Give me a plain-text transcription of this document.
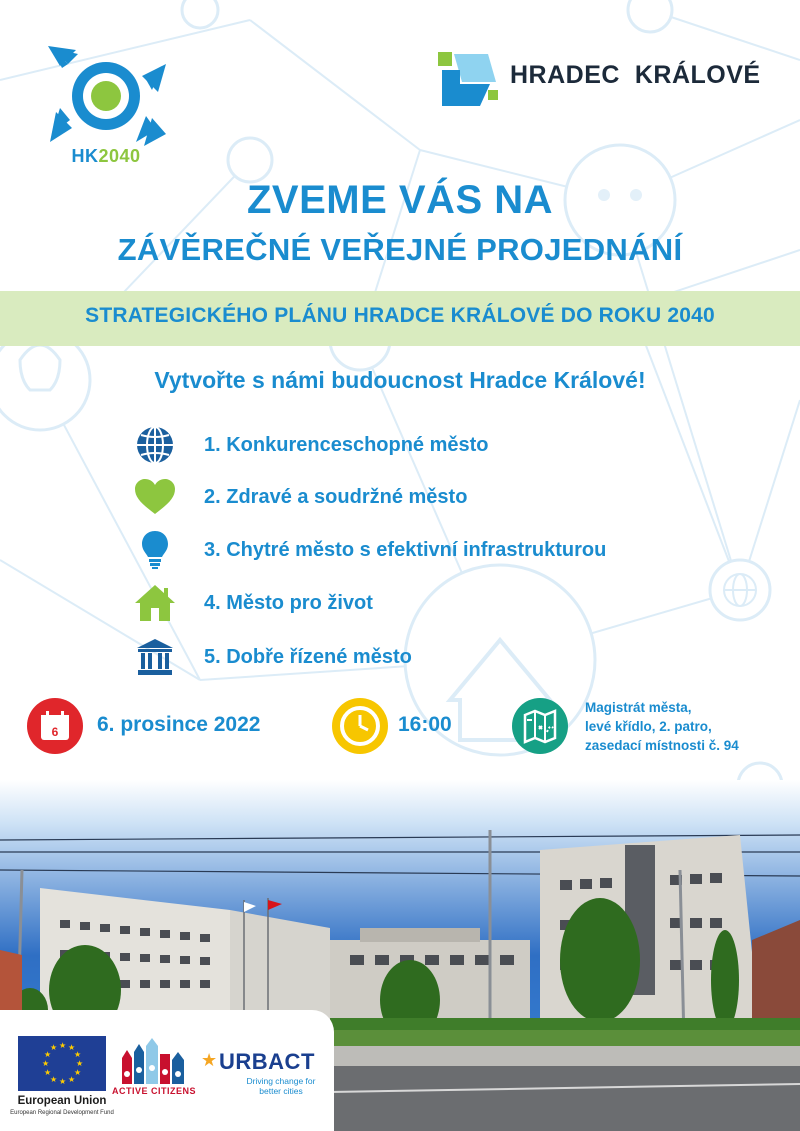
HK2040
HRADEC  KRÁLOVÉ
ZVEME VÁS NA
ZÁVĚREČNÉ VEŘEJNÉ PROJEDNÁNÍ
STRATEGICKÉHO PLÁNU HRADCE KRÁLOVÉ DO ROKU 2040
Vytvořte s námi budoucnost Hradce Králové!
1. Konkurenceschopné město
2. Zdravé a soudržné město
3. Chytré město s efektivní infrastrukturou
4. Město pro život
5. Dobře řízené město
6 6. prosince 2022	16:00
Magistrát města,
levé křídlo, 2. patro,
zasedací místnosti č. 94
★ ★
★
★
★
★
★
★
★
★
★
★
European Union
European Regional Development Fund
ACTIVE CITIZENS
★ URBACT
Driving change for better cities
